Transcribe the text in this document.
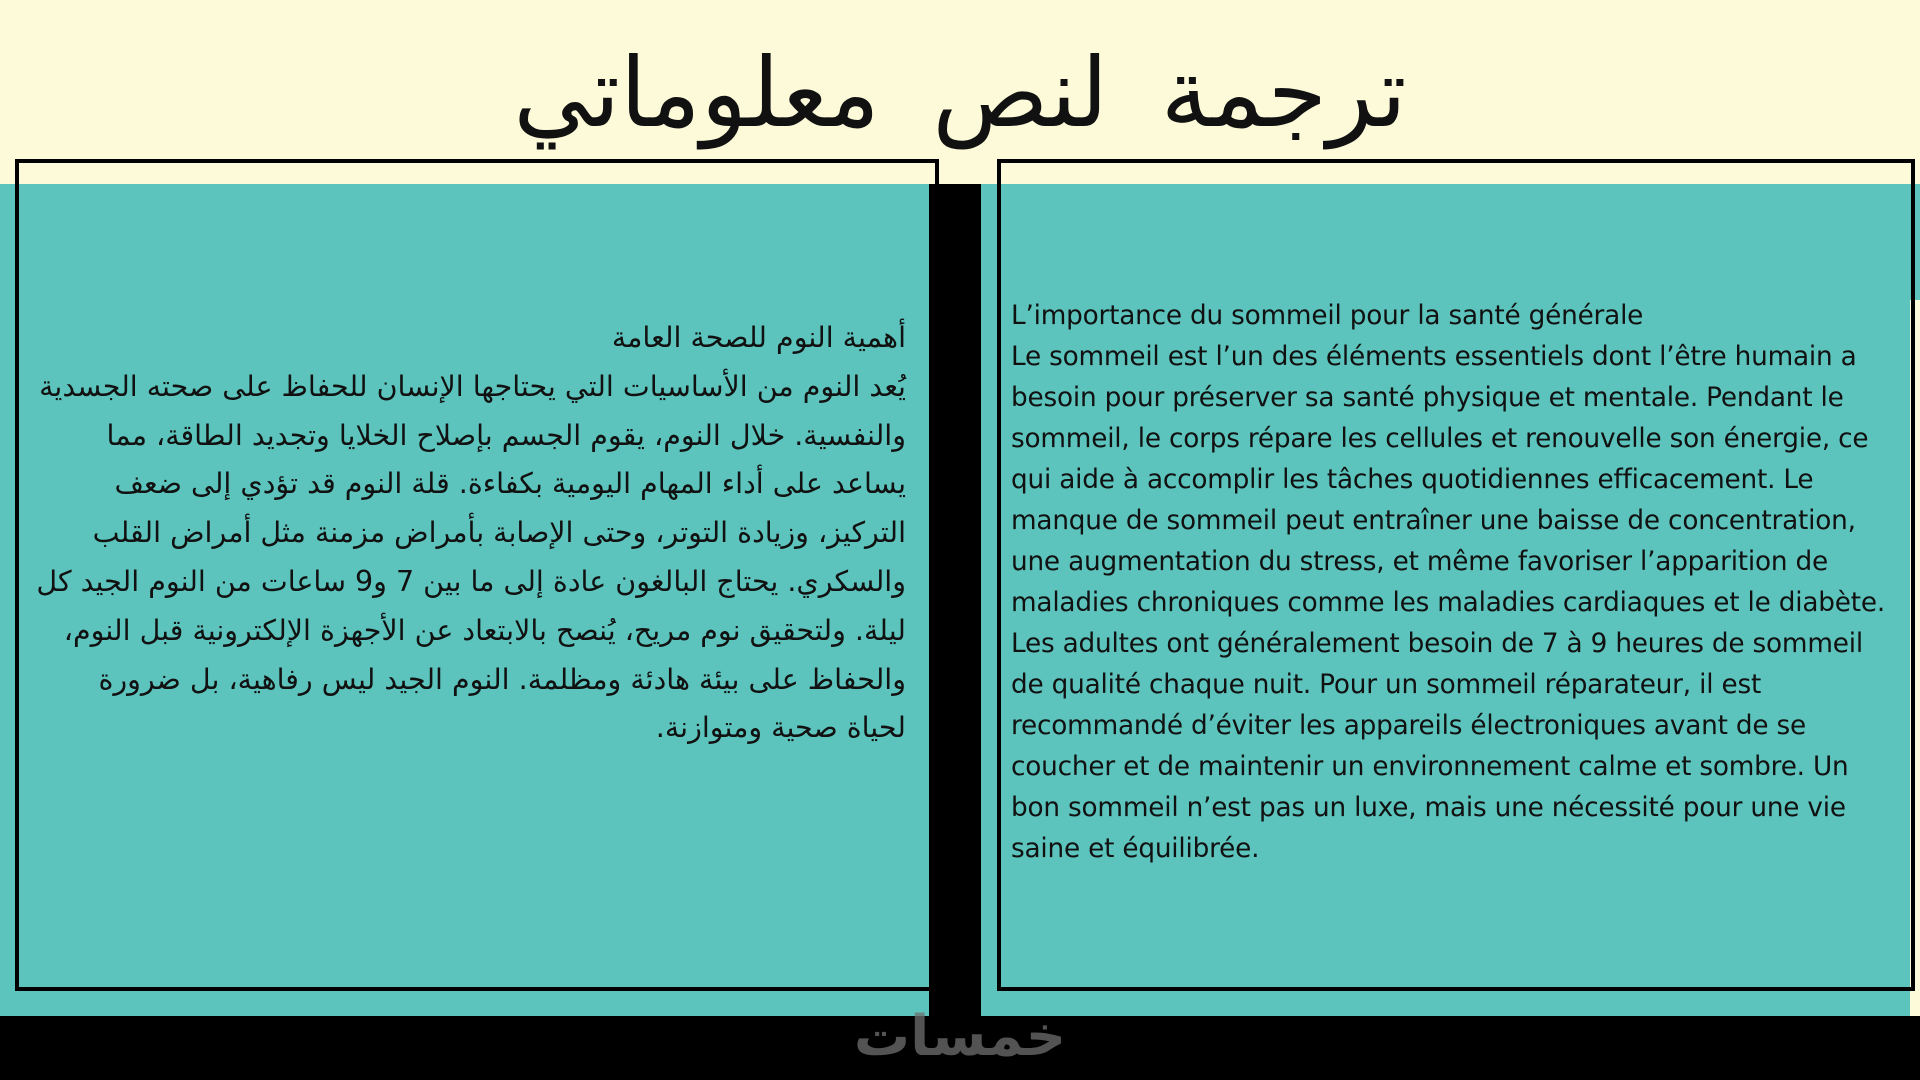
ترجمة لنص معلوماتي

أهمية النوم للصحة العامة

يُعد النوم من الأساسيات التي يحتاجها الإنسان للحفاظ على صحته الجسدية والنفسية. خلال النوم، يقوم الجسم بإصلاح الخلايا وتجديد الطاقة، مما يساعد على أداء المهام اليومية بكفاءة. قلة النوم قد تؤدي إلى ضعف التركيز، وزيادة التوتر، وحتى الإصابة بأمراض مزمنة مثل أمراض القلب والسكري. يحتاج البالغون عادة إلى ما بين 7 و9 ساعات من النوم الجيد كل ليلة. ولتحقيق نوم مريح، يُنصح بالابتعاد عن الأجهزة الإلكترونية قبل النوم، والحفاظ على بيئة هادئة ومظلمة. النوم الجيد ليس رفاهية، بل ضرورة لحياة صحية ومتوازنة.

L’importance du sommeil pour la santé générale

Le sommeil est l’un des éléments essentiels dont l’être humain a besoin pour préserver sa santé physique et mentale. Pendant le sommeil, le corps répare les cellules et renouvelle son énergie, ce qui aide à accomplir les tâches quotidiennes efficacement. Le manque de sommeil peut entraîner une baisse de concentration, une augmentation du stress, et même favoriser l’apparition de maladies chroniques comme les maladies cardiaques et le diabète. Les adultes ont généralement besoin de 7 à 9 heures de sommeil de qualité chaque nuit. Pour un sommeil réparateur, il est recommandé d’éviter les appareils électroniques avant de se coucher et de maintenir un environnement calme et sombre. Un bon sommeil n’est pas un luxe, mais une nécessité pour une vie saine et équilibrée.

خمسات
